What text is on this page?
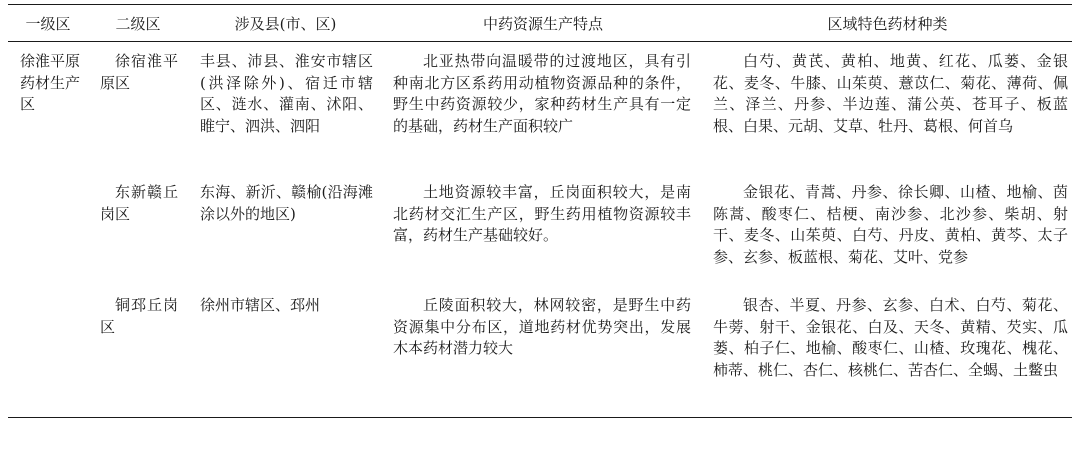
一级区	二级区	涉及县(市、区)	中药资源生产特点	区域特色药材种类
徐淮平原药材生产区	徐宿淮平原区	丰县、沛县、淮安市辖区(洪泽除外)、宿迁市辖区、涟水、灌南、沭阳、睢宁、泗洪、泗阳	北亚热带向温暖带的过渡地区，具有引种南北方区系药用动植物资源品种的条件，野生中药资源较少，家种药材生产具有一定的基础，药材生产面积较广	白芍、黄芪、黄柏、地黄、红花、瓜蒌、金银花、麦冬、牛膝、山茱萸、薏苡仁、菊花、薄荷、佩兰、泽兰、丹参、半边莲、蒲公英、苍耳子、板蓝根、白果、元胡、艾草、牡丹、葛根、何首乌

	东新赣丘岗区	东海、新沂、赣榆(沿海滩涂以外的地区)	土地资源较丰富，丘岗面积较大，是南北药材交汇生产区，野生药用植物资源较丰富，药材生产基础较好。	金银花、青蒿、丹参、徐长卿、山楂、地榆、茵陈蒿、酸枣仁、桔梗、南沙参、北沙参、柴胡、射干、麦冬、山茱萸、白芍、丹皮、黄柏、黄芩、太子参、玄参、板蓝根、菊花、艾叶、党参

	铜邳丘岗区	徐州市辖区、邳州	丘陵面积较大，林网较密，是野生中药资源集中分布区，道地药材优势突出，发展木本药材潜力较大	银杏、半夏、丹参、玄参、白术、白芍、菊花、牛蒡、射干、金银花、白及、天冬、黄精、芡实、瓜蒌、柏子仁、地榆、酸枣仁、山楂、玫瑰花、槐花、柿蒂、桃仁、杏仁、核桃仁、苦杏仁、全蝎、土鳖虫
